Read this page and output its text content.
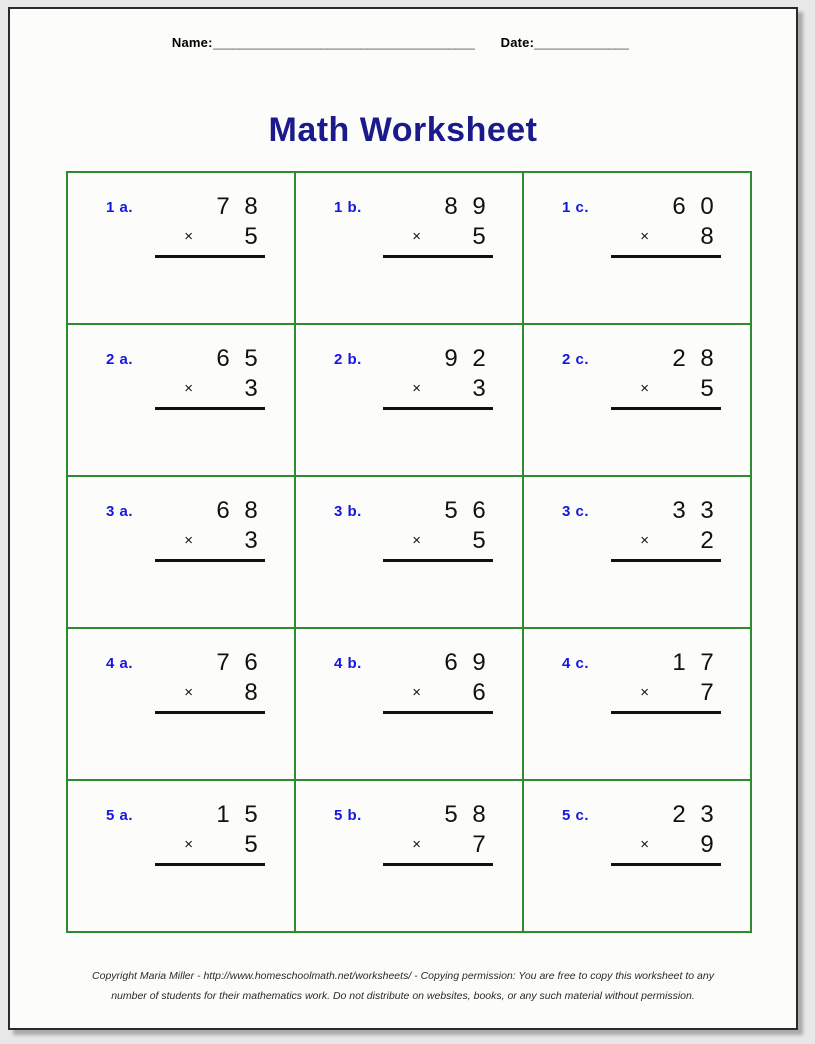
Name: _______________________________________ Date: ______________
Math Worksheet
1 a.	7 8
×	5

1 b.	8 9
×	5

1 c.	6 0
×	8

2 a.	6 5
×	3

2 b.	9 2
×	3

2 c.	2 8
×	5

3 a.	6 8
×	3

3 b.	5 6
×	5

3 c.	3 3
×	2

4 a.	7 6
×	8

4 b.	6 9
×	6

4 c.	1 7
×	7

5 a.	1 5
×	5

5 b.	5 8
×	7

5 c.	2 3
×	9
Copyright Maria Miller - http://www.homeschoolmath.net/worksheets/ - Copying permission: You are free to copy this worksheet to any
number of students for their mathematics work. Do not distribute on websites, books, or any such material without permission.
